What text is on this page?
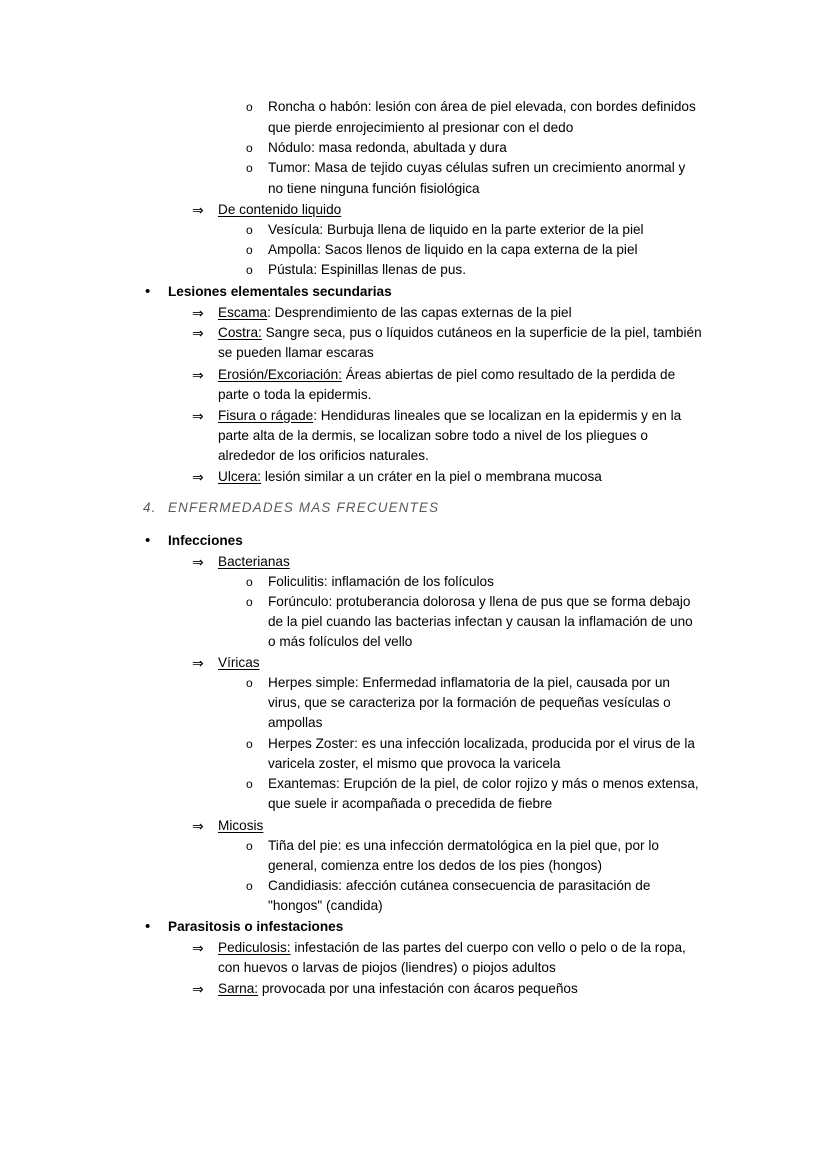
o Roncha o habón: lesión con área de piel elevada, con bordes definidos
que pierde enrojecimiento al presionar con el dedo
o Nódulo: masa redonda, abultada y dura
o Tumor: Masa de tejido cuyas células sufren un crecimiento anormal y
no tiene ninguna función fisiológica
⇒ De contenido liquido
o Vesícula: Burbuja llena de liquido en la parte exterior de la piel
o Ampolla: Sacos llenos de liquido en la capa externa de la piel
o Pústula: Espinillas llenas de pus.
• Lesiones elementales secundarias
⇒ Escama: Desprendimiento de las capas externas de la piel
⇒ Costra: Sangre seca, pus o líquidos cutáneos en la superficie de la piel, también
se pueden llamar escaras
⇒ Erosión/Excoriación: Áreas abiertas de piel como resultado de la perdida de
parte o toda la epidermis.
⇒ Fisura o rágade: Hendiduras lineales que se localizan en la epidermis y en la
parte alta de la dermis, se localizan sobre todo a nivel de los pliegues o
alrededor de los orificios naturales.
⇒ Ulcera: lesión similar a un cráter en la piel o membrana mucosa
4. ENFERMEDADES MAS FRECUENTES
• Infecciones
⇒ Bacterianas
o Foliculitis: inflamación de los folículos
o Forúnculo: protuberancia dolorosa y llena de pus que se forma debajo
de la piel cuando las bacterias infectan y causan la inflamación de uno
o más folículos del vello
⇒ Víricas
o Herpes simple: Enfermedad inflamatoria de la piel, causada por un
virus, que se caracteriza por la formación de pequeñas vesículas o
ampollas
o Herpes Zoster: es una infección localizada, producida por el virus de la
varicela zoster, el mismo que provoca la varicela
o Exantemas: Erupción de la piel, de color rojizo y más o menos extensa,
que suele ir acompañada o precedida de fiebre
⇒ Micosis
o Tiña del pie: es una infección dermatológica en la piel que, por lo
general, comienza entre los dedos de los pies (hongos)
o Candidiasis: afección cutánea consecuencia de parasitación de
"hongos" (candida)
• Parasitosis o infestaciones
⇒ Pediculosis: infestación de las partes del cuerpo con vello o pelo o de la ropa,
con huevos o larvas de piojos (liendres) o piojos adultos
⇒ Sarna: provocada por una infestación con ácaros pequeños
